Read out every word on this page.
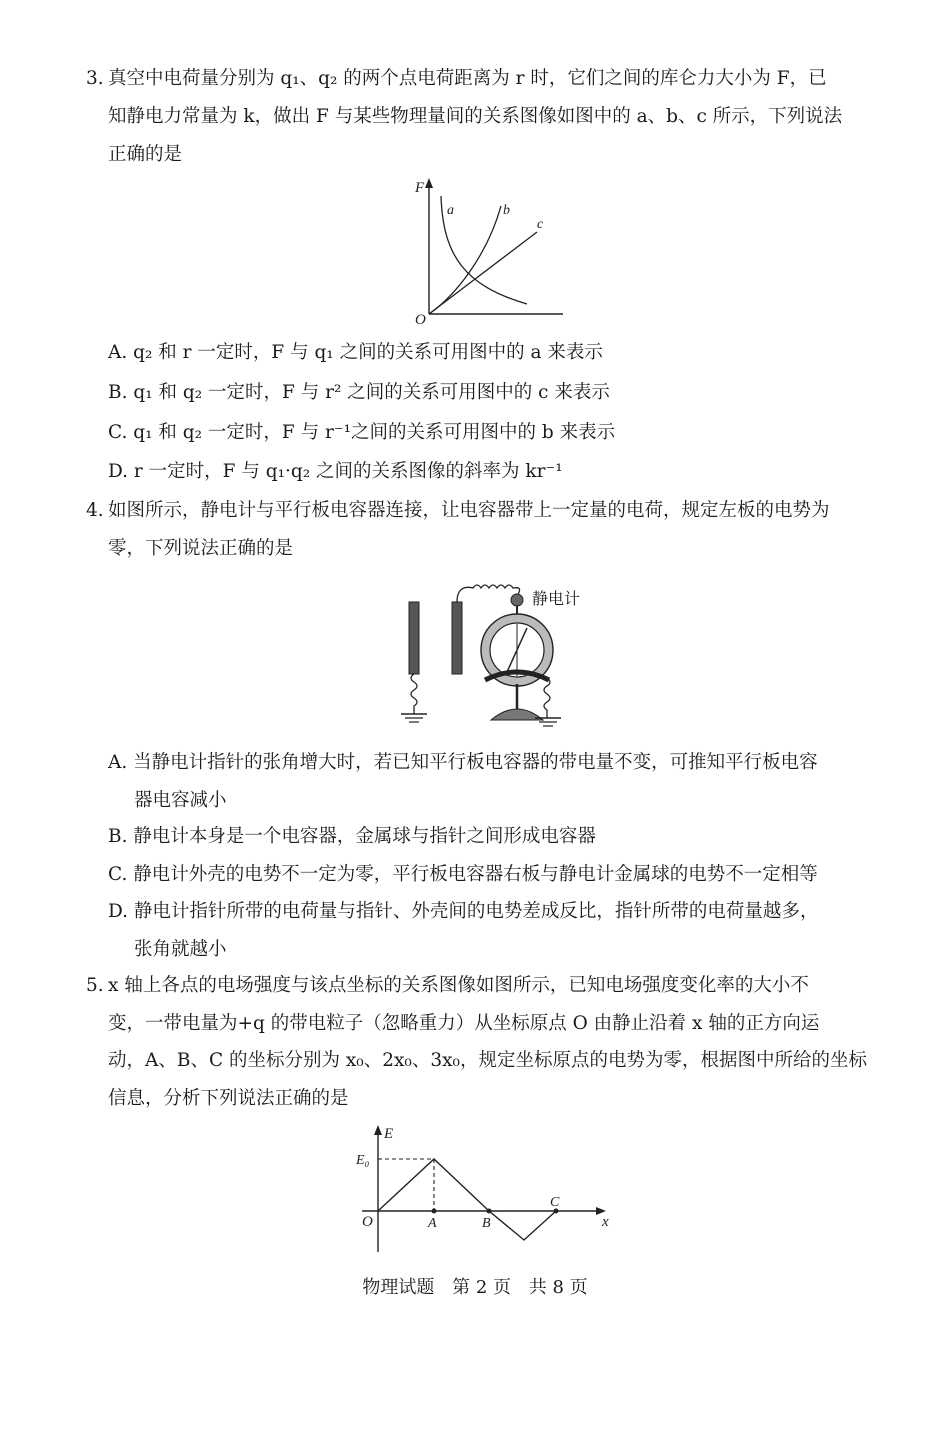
3. 真空中电荷量分别为 q₁、q₂ 的两个点电荷距离为 r 时，它们之间的库仑力大小为 F，已
知静电力常量为 k，做出 F 与某些物理量间的关系图像如图中的 a、b、c 所示，下列说法
正确的是
F
O
a	b
c
A. q₂ 和 r 一定时，F 与 q₁ 之间的关系可用图中的 a 来表示
B. q₁ 和 q₂ 一定时，F 与 r² 之间的关系可用图中的 c 来表示
C. q₁ 和 q₂ 一定时，F 与 r⁻¹之间的关系可用图中的 b 来表示
D. r 一定时，F 与 q₁·q₂ 之间的关系图像的斜率为 kr⁻¹
4. 如图所示，静电计与平行板电容器连接，让电容器带上一定量的电荷，规定左板的电势为
零，下列说法正确的是
静电计
A. 当静电计指针的张角增大时，若已知平行板电容器的带电量不变，可推知平行板电容
器电容减小
B. 静电计本身是一个电容器，金属球与指针之间形成电容器
C. 静电计外壳的电势不一定为零，平行板电容器右板与静电计金属球的电势不一定相等
D. 静电计指针所带的电荷量与指针、外壳间的电势差成反比，指针所带的电荷量越多，
张角就越小
5. x 轴上各点的电场强度与该点坐标的关系图像如图所示，已知电场强度变化率的大小不
变，一带电量为+q 的带电粒子（忽略重力）从坐标原点 O 由静止沿着 x 轴的正方向运
动，A、B、C 的坐标分别为 x₀、2x₀、3x₀，规定坐标原点的电势为零，根据图中所给的坐标
信息，分析下列说法正确的是
E
x
O
E₀
A	B
C
物理试题 第 2 页 共 8 页
